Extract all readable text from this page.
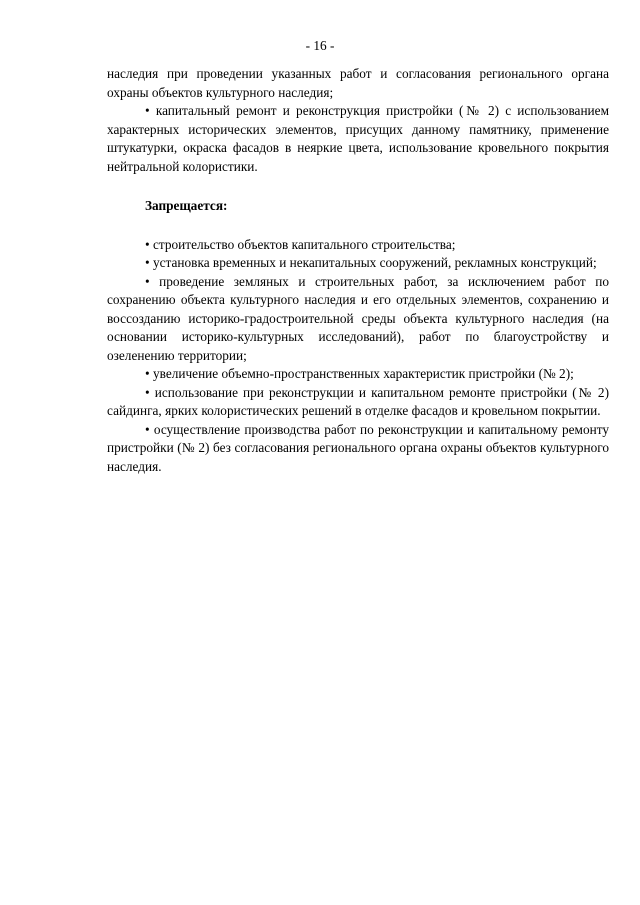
- 16 -

наследия при проведении указанных работ и согласования регионального органа охраны объектов культурного наследия;

• капитальный ремонт и реконструкция пристройки (№ 2) с использованием характерных исторических элементов, присущих данному памятнику, применение штукатурки, окраска фасадов в неяркие цвета, использование кровельного покрытия нейтральной колористики.

Запрещается:

• строительство объектов капитального строительства;

• установка временных и некапитальных сооружений, рекламных конструкций;

• проведение земляных и строительных работ, за исключением работ по сохранению объекта культурного наследия и его отдельных элементов, сохранению и воссозданию историко-градостроительной среды объекта культурного наследия (на основании историко-культурных исследований), работ по благоустройству и озеленению территории;

• увеличение объемно-пространственных характеристик пристройки (№ 2);

• использование при реконструкции и капитальном ремонте пристройки (№ 2) сайдинга, ярких колористических решений в отделке фасадов и кровельном покрытии.

• осуществление производства работ по реконструкции и капитальному ремонту пристройки (№ 2) без согласования регионального органа охраны объектов культурного наследия.
